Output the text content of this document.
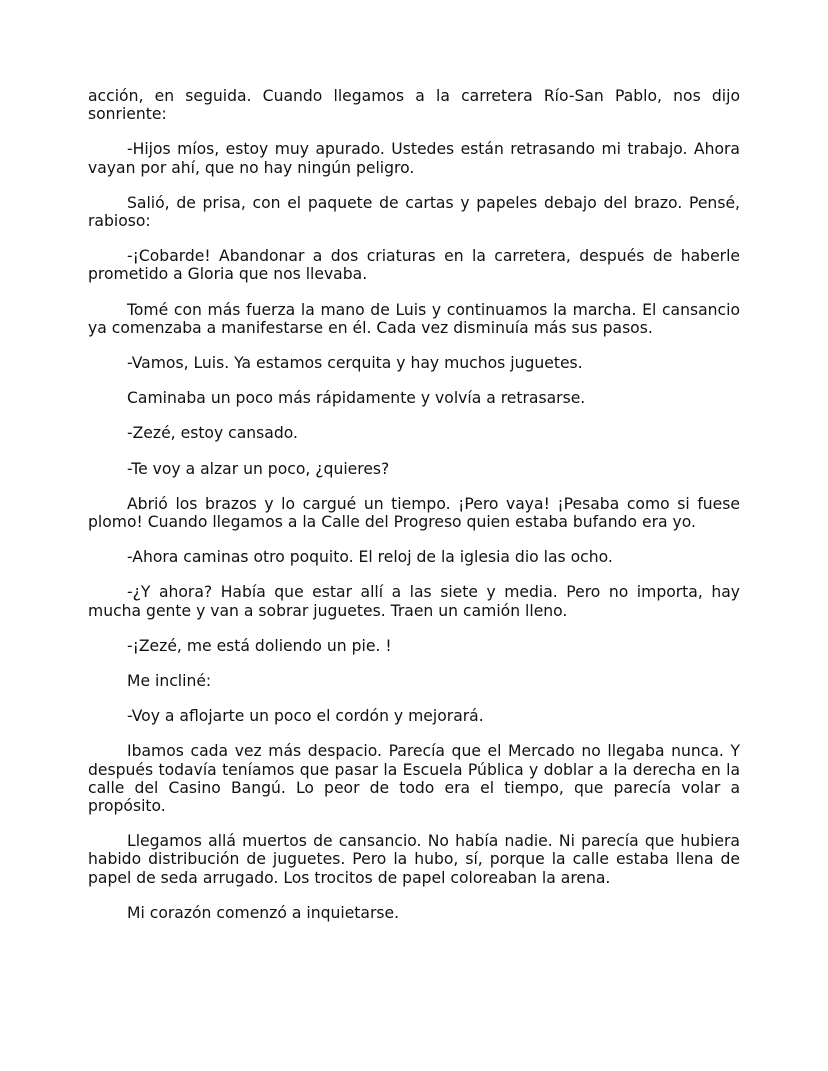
acción, en seguida. Cuando llegamos a la carretera Río-San Pablo, nos dijo sonriente:

-Hijos míos, estoy muy apurado. Ustedes están retrasando mi trabajo. Ahora vayan por ahí, que no hay ningún peligro.

Salió, de prisa, con el paquete de cartas y papeles debajo del brazo. Pensé, rabioso:

-¡Cobarde! Abandonar a dos criaturas en la carretera, después de haberle prometido a Gloria que nos llevaba.

Tomé con más fuerza la mano de Luis y continuamos la marcha. El cansancio ya comenzaba a manifestarse en él. Cada vez disminuía más sus pasos.

-Vamos, Luis. Ya estamos cerquita y hay muchos juguetes.

Caminaba un poco más rápidamente y volvía a retrasarse.

-Zezé, estoy cansado.

-Te voy a alzar un poco, ¿quieres?

Abrió los brazos y lo cargué un tiempo. ¡Pero vaya! ¡Pesaba como si fuese plomo! Cuando llegamos a la Calle del Progreso quien estaba bufando era yo.

-Ahora caminas otro poquito. El reloj de la iglesia dio las ocho.

-¿Y ahora? Había que estar allí a las siete y media. Pero no importa, hay mucha gente y van a sobrar juguetes. Traen un camión lleno.

-¡Zezé, me está doliendo un pie. !

Me incliné:

-Voy a aflojarte un poco el cordón y mejorará.

Ibamos cada vez más despacio. Parecía que el Mercado no llegaba nunca. Y después todavía teníamos que pasar la Escuela Pública y doblar a la derecha en la calle del Casino Bangú. Lo peor de todo era el tiempo, que parecía volar a propósito.

Llegamos allá muertos de cansancio. No había nadie. Ni parecía que hubiera habido distribución de juguetes. Pero la hubo, sí, porque la calle estaba llena de papel de seda arrugado. Los trocitos de papel coloreaban la arena.

Mi corazón comenzó a inquietarse.
